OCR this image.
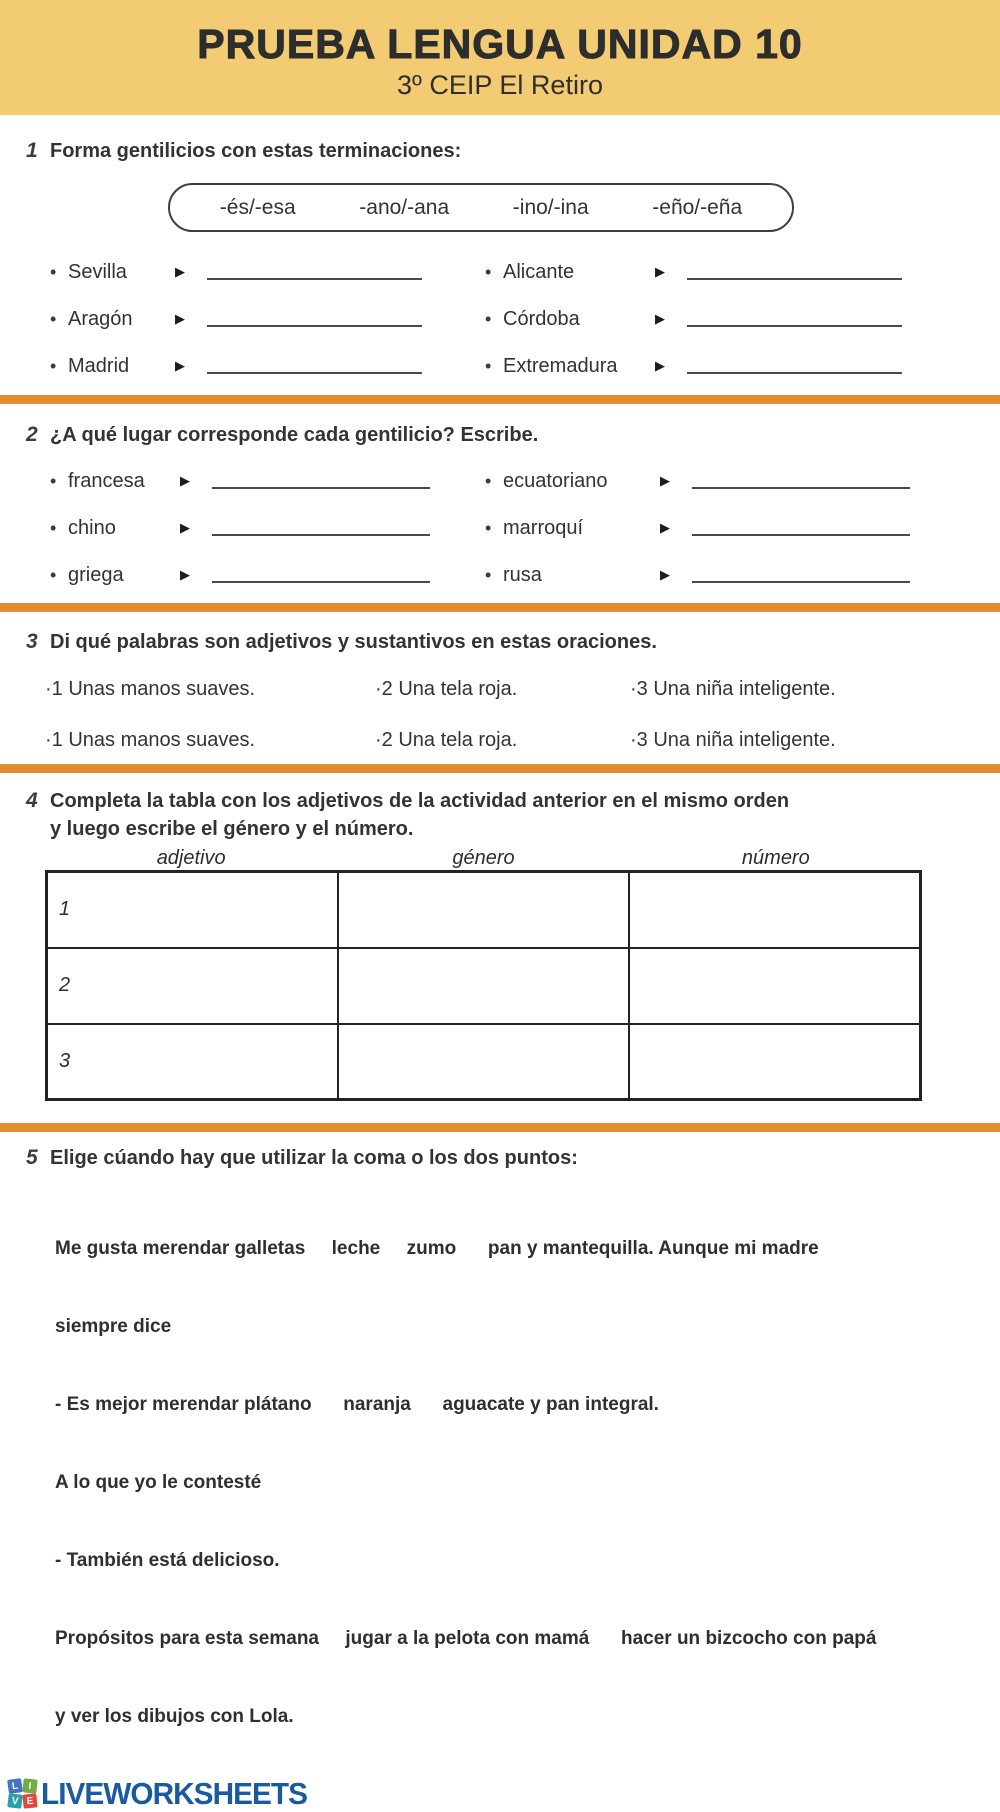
PRUEBA LENGUA UNIDAD 10
3º CEIP El Retiro
1 Forma gentilicios con estas terminaciones:
-és/-esa	-ano/-ana	-ino/-ina	-eño/-eña
• Sevilla	▶	• Alicante	▶
• Aragón	▶	• Córdoba	▶
• Madrid	▶	• Extremadura	▶
2 ¿A qué lugar corresponde cada gentilicio? Escribe.
• francesa	▶	• ecuatoriano	▶
• chino	▶	• marroquí	▶
• griega	▶	• rusa	▶
3 Di qué palabras son adjetivos y sustantivos en estas oraciones.
·1 Unas manos suaves.	·2 Una tela roja.	·3 Una niña inteligente.
·1 Unas manos suaves.	·2 Una tela roja.	·3 Una niña inteligente.
4 Completa la tabla con los adjetivos de la actividad anterior en el mismo orden
y luego escribe el género y el número.
adjetivo	género	número
1		
2		
3		
5 Elige cúando hay que utilizar la coma o los dos puntos:

Me gusta merendar galletas     leche     zumo      pan y mantequilla. Aunque mi madre

siempre dice

- Es mejor merendar plátano      naranja      aguacate y pan integral.

A lo que yo le contesté

- También está delicioso.

Propósitos para esta semana     jugar a la pelota con mamá      hacer un bizcocho con papá

y ver los dibujos con Lola.

L I
V E LIVEWORKSHEETS
